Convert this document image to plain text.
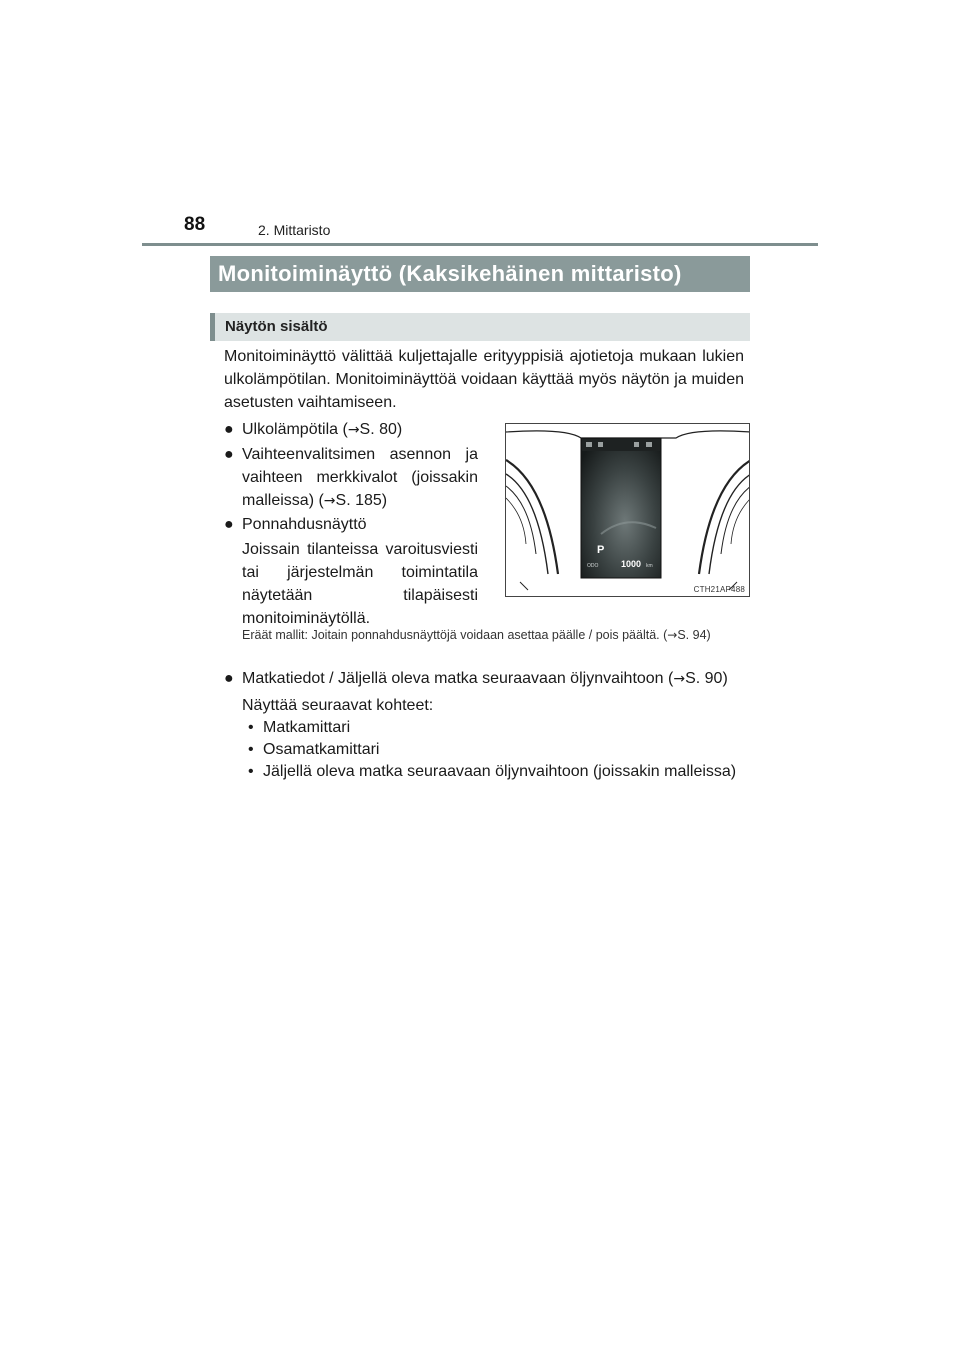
88	2. Mittaristo
Monitoiminäyttö (Kaksikehäinen mittaristo)
Näytön sisältö

Monitoiminäyttö välittää kuljettajalle erityyppisiä ajotietoja mukaan lukien ulkolämpötilan. Monitoiminäyttöä voidaan käyttää myös näytön ja muiden asetusten vaihtamiseen.

● Ulkolämpötila (→S. 80)
● Vaihteenvalitsimen asennon ja vaihteen merkkivalot (joissakin malleissa) (→S. 185)
● Ponnahdusnäyttö

Joissain tilanteissa varoitusviesti tai järjestelmän toimintatila näytetään tilapäisesti monitoiminäytöllä.

Eräät mallit: Joitain ponnahdusnäyttöjä voidaan asettaa päälle / pois päältä. (→S. 94)

● Matkatiedot / Jäljellä oleva matka seuraavaan öljynvaihtoon (→S. 90)

Näyttää seuraavat kohteet:

• Matkamittari
• Osamatkamittari
• Jäljellä oleva matka seuraavaan öljynvaihtoon (joissakin malleissa)
P
ODO	1000 km
CTH21AP488
